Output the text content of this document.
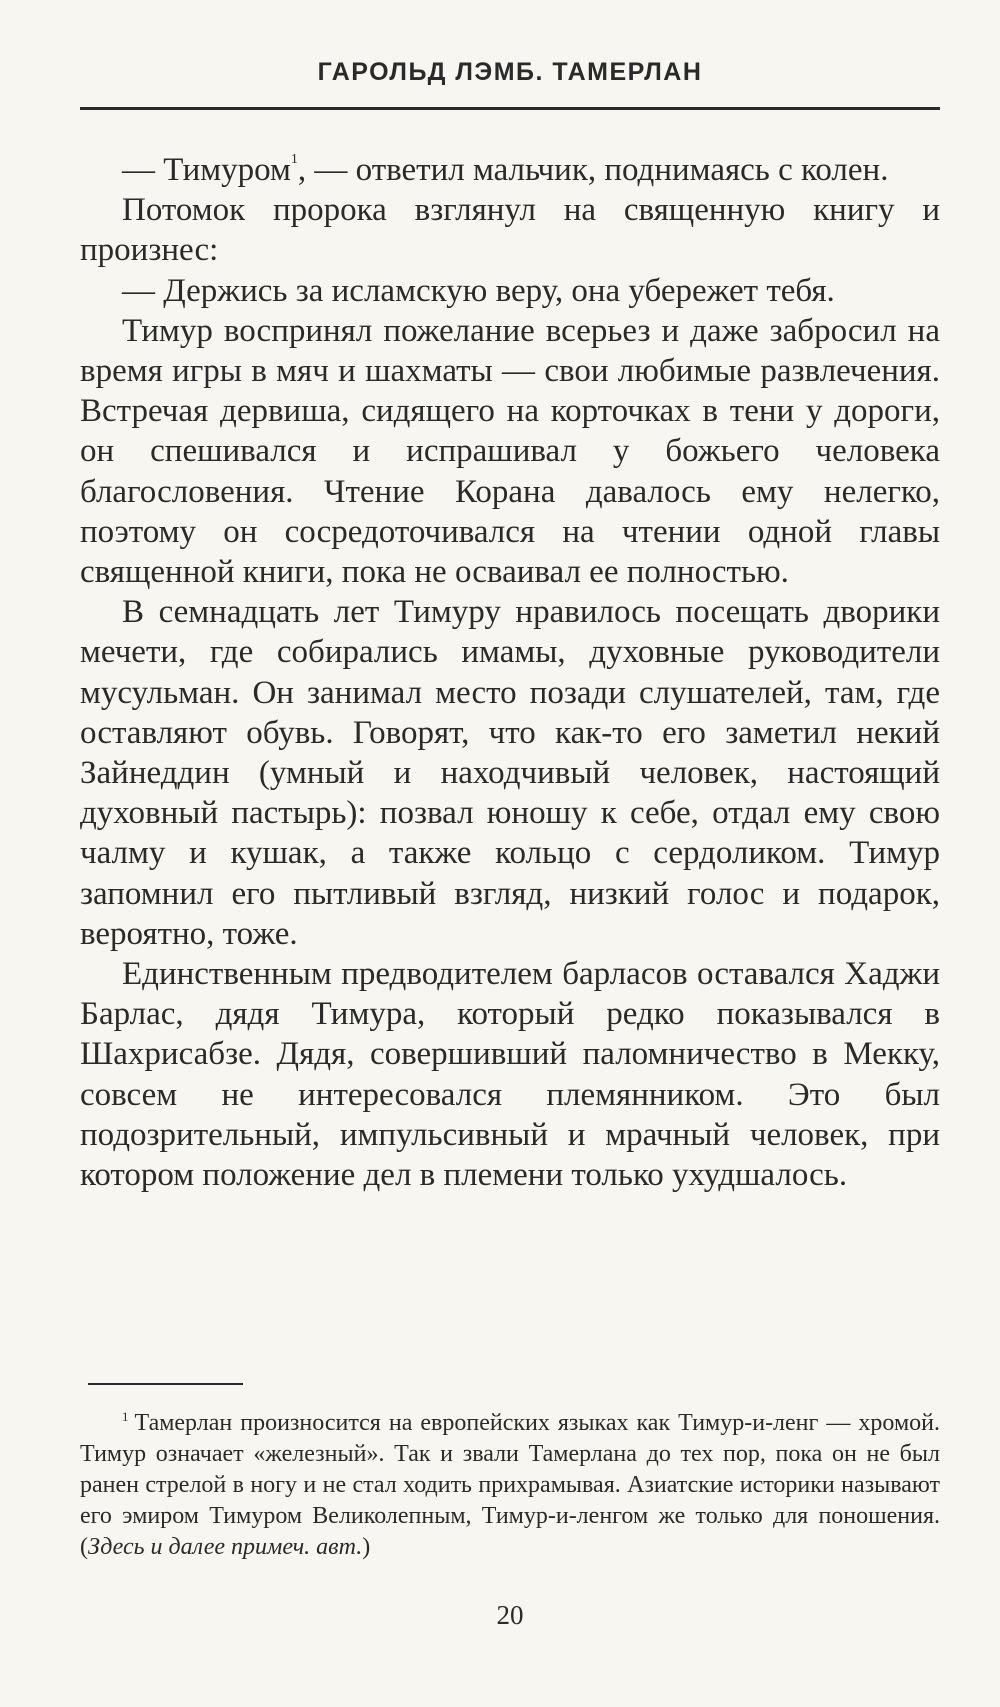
ГАРОЛЬД ЛЭМБ. ТАМЕРЛАН

— Тимуром$^1$, — ответил мальчик, поднимаясь с колен.

Потомок пророка взглянул на священную книгу и произнес:

— Держись за исламскую веру, она убережет тебя.

Тимур воспринял пожелание всерьез и даже забросил на время игры в мяч и шахматы — свои любимые развлечения. Встречая дервиша, сидящего на корточках в тени у дороги, он спешивался и испрашивал у божьего человека благословения. Чтение Корана давалось ему нелегко, поэтому он сосредоточивался на чтении одной главы священной книги, пока не осваивал ее полностью.

В семнадцать лет Тимуру нравилось посещать дворики мечети, где собирались имамы, духовные руководители мусульман. Он занимал место позади слушателей, там, где оставляют обувь. Говорят, что как-то его заметил некий Зайнеддин (умный и находчивый человек, настоящий духовный пастырь): позвал юношу к себе, отдал ему свою чалму и кушак, а также кольцо с сердоликом. Тимур запомнил его пытливый взгляд, низкий голос и подарок, вероятно, тоже.

Единственным предводителем барласов оставался Хаджи Барлас, дядя Тимура, который редко показывался в Шахрисабзе. Дядя, совершивший паломничество в Мекку, совсем не интересовался племянником. Это был подозрительный, импульсивный и мрачный человек, при котором положение дел в племени только ухудшалось.

$^1$ Тамерлан произносится на европейских языках как Тимур-и-ленг — хромой. Тимур означает «железный». Так и звали Тамерлана до тех пор, пока он не был ранен стрелой в ногу и не стал ходить прихрамывая. Азиатские историки называют его эмиром Тимуром Великолепным, Тимур-и-ленгом же только для поношения. (Здесь и далее примеч. авт.)
20
